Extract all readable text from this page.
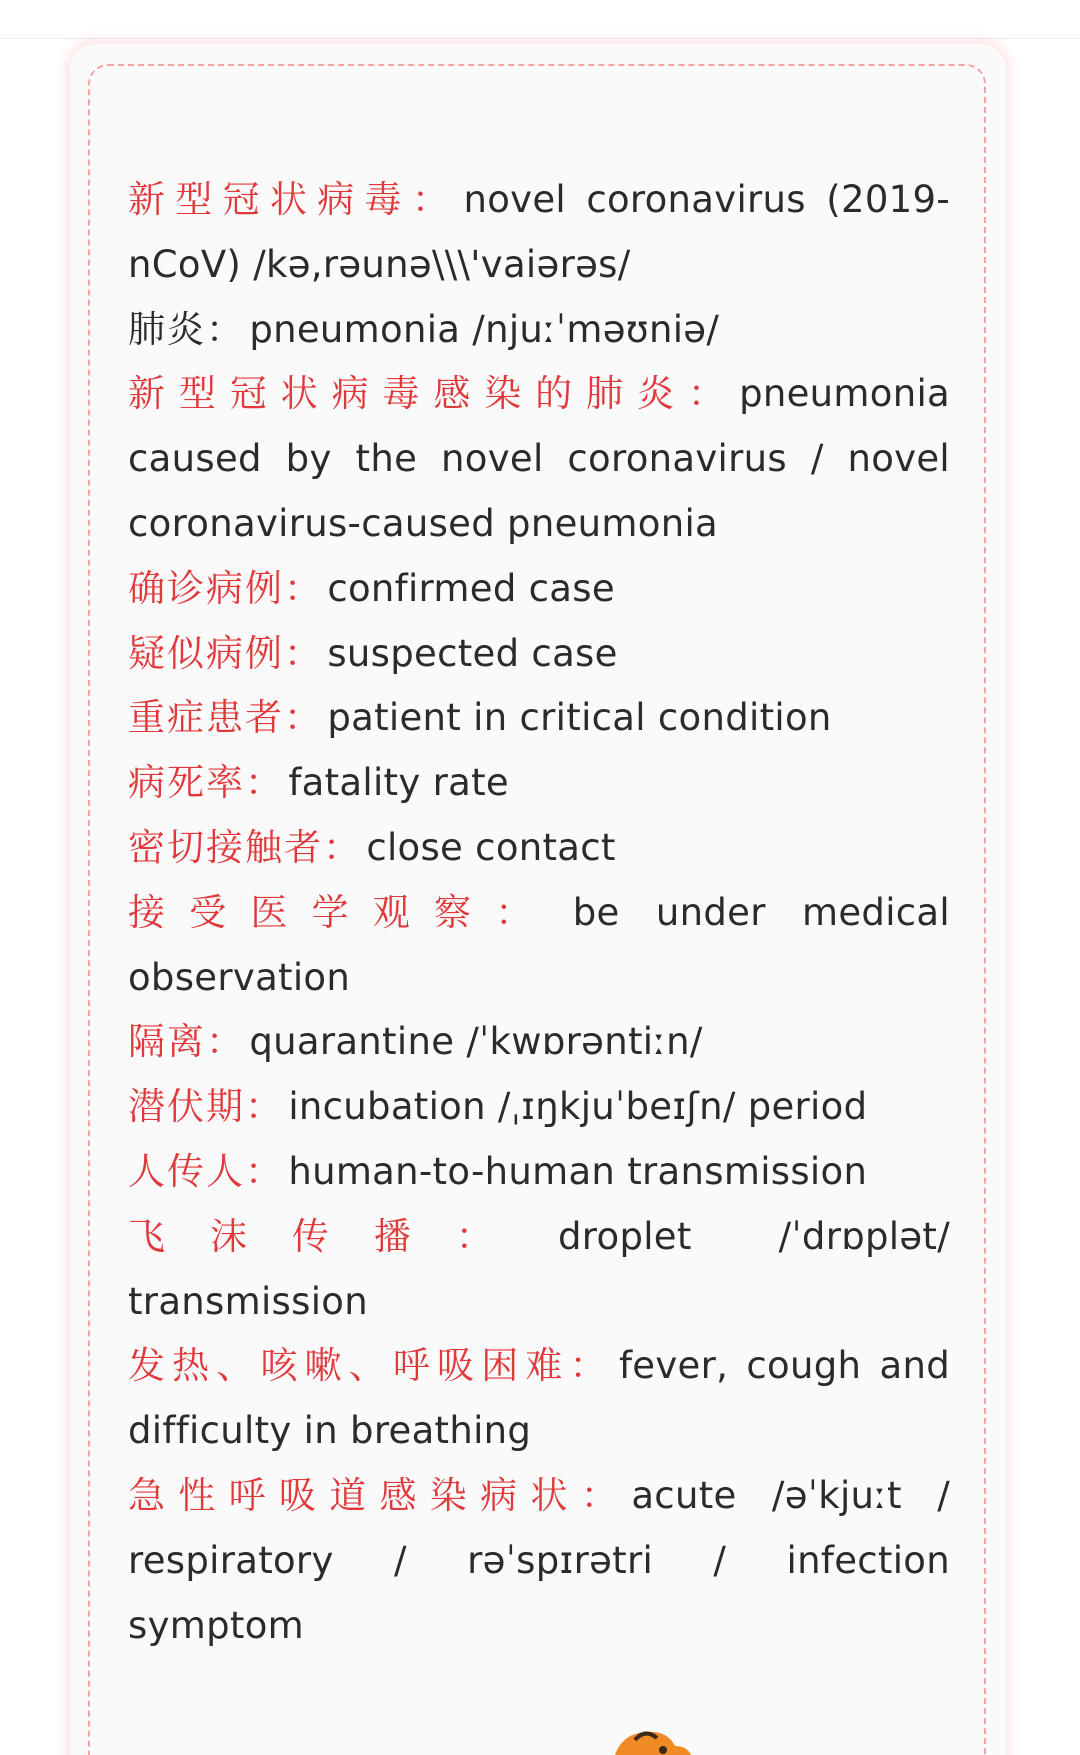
新型冠状病毒： novel coronavirus (2019-nCoV) /kə,rəunə\\\'vaiərəs/

肺炎： pneumonia /njuːˈməʊniə/

新型冠状病毒感染的肺炎： pneumonia caused by the novel coronavirus / novel coronavirus-caused pneumonia

确诊病例： confirmed case

疑似病例： suspected case

重症患者： patient in critical condition

病死率： fatality rate

密切接触者： close contact

接受医学观察： be under medical observation

隔离： quarantine /ˈkwɒrəntiːn/

潜伏期： incubation /ˌɪŋkjuˈbeɪʃn/ period

人传人： human-to-human transmission

飞沫传播： droplet /ˈdrɒplət/ transmission

发热、咳嗽、呼吸困难： fever, cough and difficulty in breathing

急性呼吸道感染病状： acute /əˈkjuːt / respiratory / rəˈspɪrətri / infection symptom
